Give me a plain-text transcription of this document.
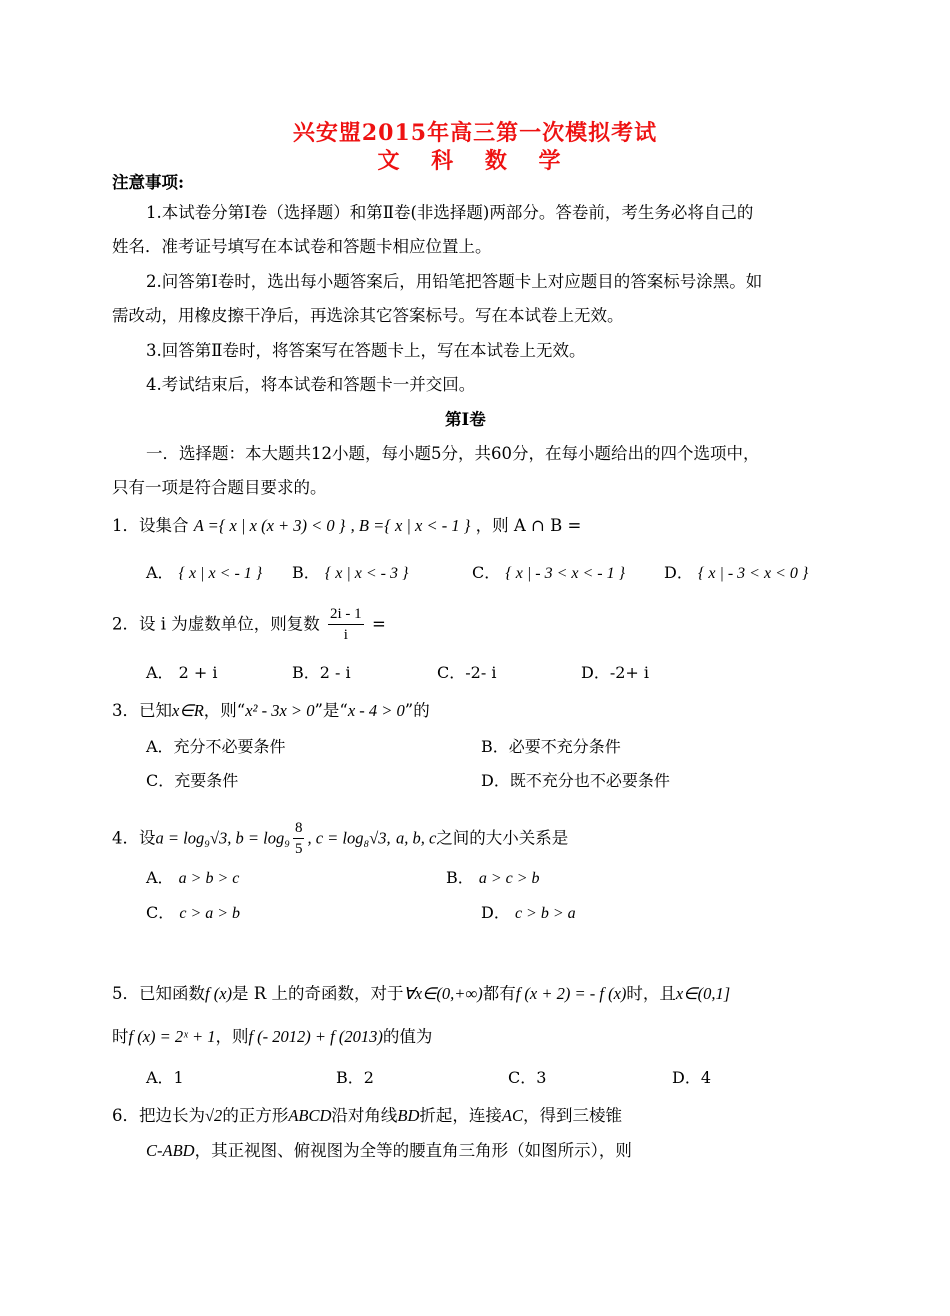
兴安盟2015年高三第一次模拟考试
文 科 数 学
注意事项:
1.本试卷分第Ⅰ卷（选择题）和第Ⅱ卷(非选择题)两部分。答卷前，考生务必将自己的
姓名．准考证号填写在本试卷和答题卡相应位置上。
2.问答第Ⅰ卷时，选出每小题答案后，用铅笔把答题卡上对应题目的答案标号涂黑。如
需改动，用橡皮擦干净后，再选涂其它答案标号。写在本试卷上无效。
3.回答第Ⅱ卷时，将答案写在答题卡上，写在本试卷上无效。
4.考试结束后，将本试卷和答题卡一并交回。
第Ⅰ卷
一．选择题：本大题共12小题，每小题5分，共60分，在每小题给出的四个选项中，
只有一项是符合题目要求的。
1．设集合 A ={ x | x (x + 3) < 0 } , B ={ x | x < - 1 } ，则 A ∩ B =
A． { x | x < - 1 } B． { x | x < - 3 }	C． { x | - 3 < x < - 1 } D． { x | - 3 < x < 0 }
2．设 i 为虚数单位，则复数 $\frac{2i - 1}{i}$ =
A． 2 + i	B．2 - i	C．-2- i	D．-2+ i
3．已知x∈R，则“x² - 3x > 0”是“x - 4 > 0”的
A．充分不必要条件	B．必要不充分条件
C．充要条件	D．既不充分也不必要条件
4．设a = log₉√3, $b = \log_9 \frac{8}{5}$ , c = log₈√3, a, b, c之间的大小关系是
A． a > b > c	B． a > c > b
C． c > a > b	D． c > b > a
5．已知函数f (x)是 R 上的奇函数，对于∀x∈(0,+∞)都有f (x + 2) = - f (x)时，且x∈(0,1]
时f (x) = 2ˣ + 1，则f (- 2012) + f (2013)的值为
A．1	B．2	C．3	D．4
6．把边长为√2的正方形ABCD沿对角线BD折起，连接AC，得到三棱锥
C-ABD，其正视图、俯视图为全等的腰直角三角形（如图所示），则
